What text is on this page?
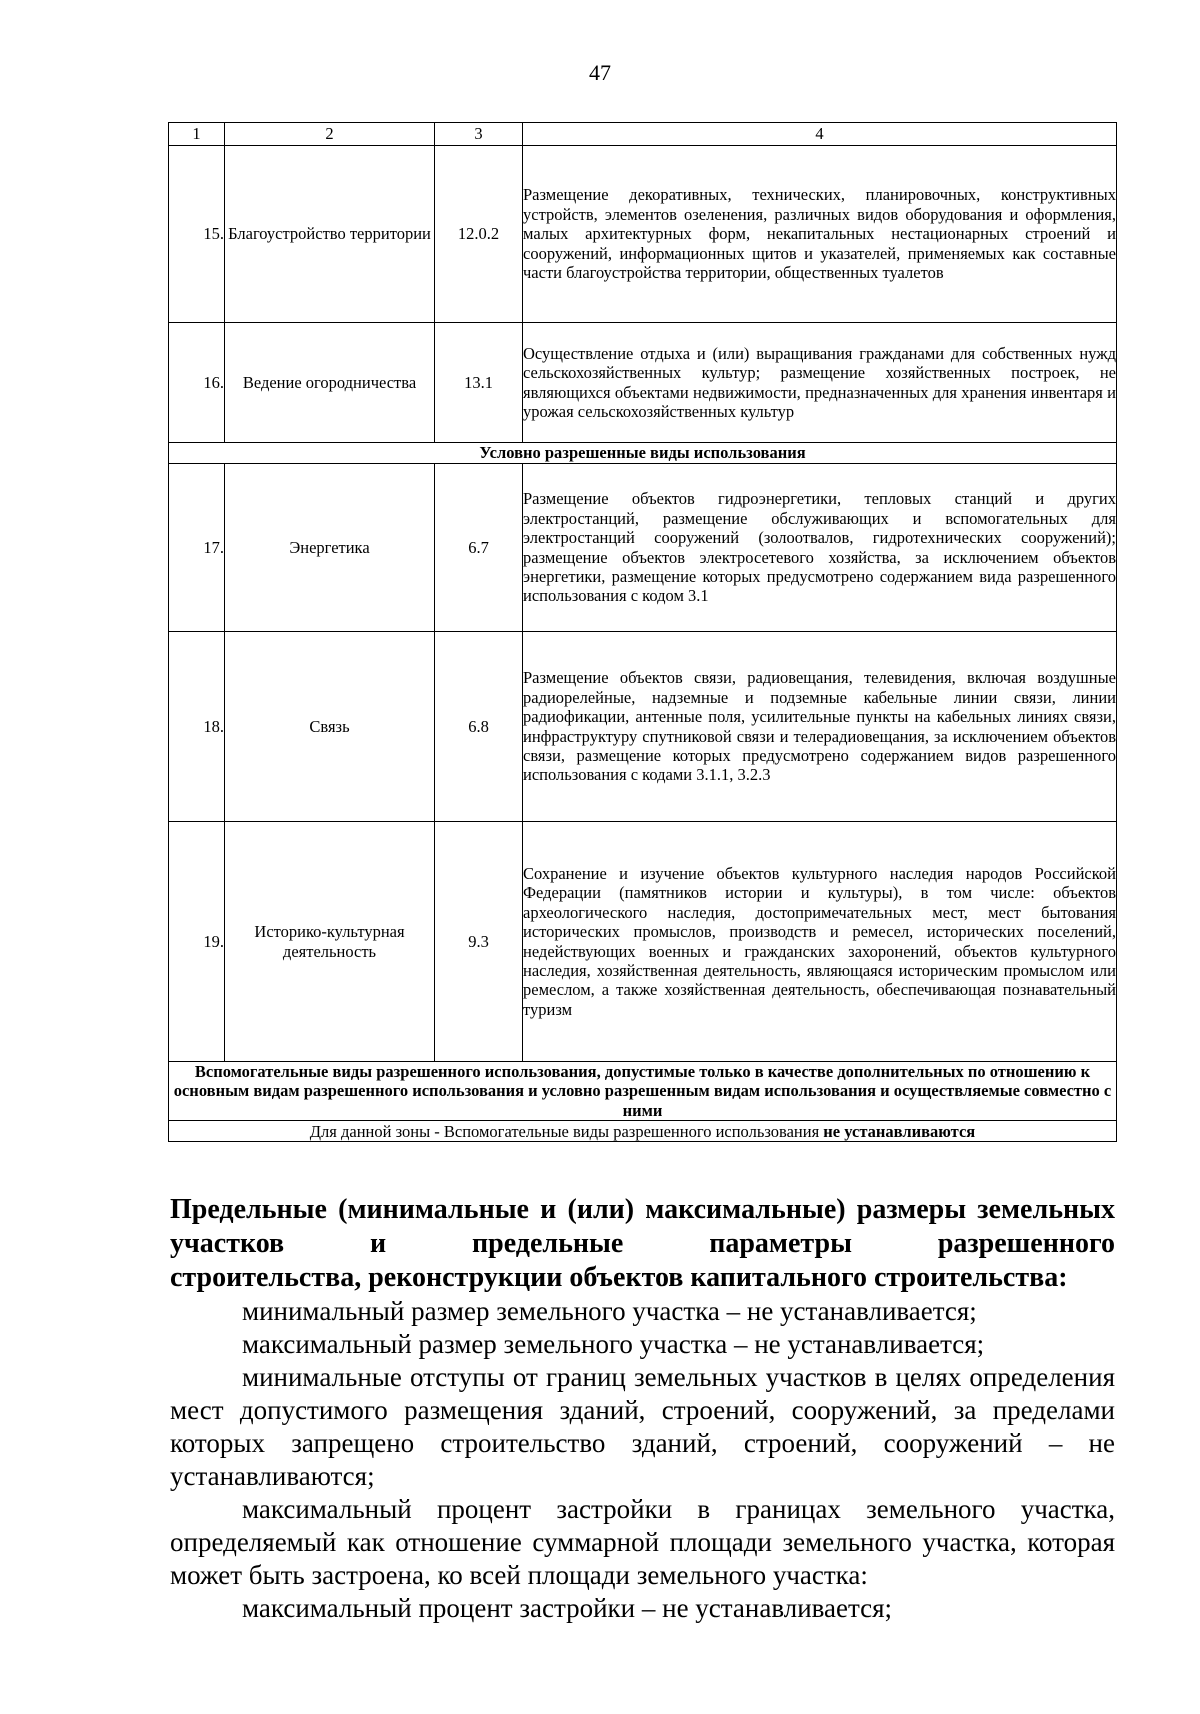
47
1	2	3	4
15.	Благоустройство территории	12.0.2	Размещение декоративных, технических, планировочных, конструктивных устройств, элементов озеленения, различных видов оборудования и оформления, малых архитектурных форм, некапитальных нестационарных строений и сооружений, информационных щитов и указателей, применяемых как составные части благоустройства территории, общественных туалетов
16.	Ведение огородничества	13.1	Осуществление отдыха и (или) выращивания гражданами для собственных нужд сельскохозяйственных культур; размещение хозяйственных построек, не являющихся объектами недвижимости, предназначенных для хранения инвентаря и урожая сельскохозяйственных культур
Условно разрешенные виды использования			
17.	Энергетика	6.7	Размещение объектов гидроэнергетики, тепловых станций и других электростанций, размещение обслуживающих и вспомогательных для электростанций сооружений (золоотвалов, гидротехнических сооружений); размещение объектов электросетевого хозяйства, за исключением объектов энергетики, размещение которых предусмотрено содержанием вида разрешенного использования с кодом 3.1
18.	Связь	6.8	Размещение объектов связи, радиовещания, телевидения, включая воздушные радиорелейные, надземные и подземные кабельные линии связи, линии радиофикации, антенные поля, усилительные пункты на кабельных линиях связи, инфраструктуру спутниковой связи и телерадиовещания, за исключением объектов связи, размещение которых предусмотрено содержанием видов разрешенного использования с кодами 3.1.1, 3.2.3
19.	Историко-культурная деятельность	9.3	Сохранение и изучение объектов культурного наследия народов Российской Федерации (памятников истории и культуры), в том числе: объектов археологического наследия, достопримечательных мест, мест бытования исторических промыслов, производств и ремесел, исторических поселений, недействующих военных и гражданских захоронений, объектов культурного наследия, хозяйственная деятельность, являющаяся историческим промыслом или ремеслом, а также хозяйственная деятельность, обеспечивающая познавательный туризм
Вспомогательные виды разрешенного использования, допустимые только в качестве дополнительных по отношению к основным видам разрешенного использования и условно разрешенным видам использования и осуществляемые совместно с ними			
Для данной зоны - Вспомогательные виды разрешенного использования не устанавливаются			
Предельные (минимальные и (или) максимальные) размеры земельных участков и предельные параметры разрешенного
строительства, реконструкции объектов капитального строительства:

минимальный размер земельного участка – не устанавливается;

максимальный размер земельного участка – не устанавливается;

минимальные отступы от границ земельных участков в целях определения мест допустимого размещения зданий, строений, сооружений, за пределами которых запрещено строительство зданий, строений, сооружений – не устанавливаются;

максимальный процент застройки в границах земельного участка, определяемый как отношение суммарной площади земельного участка, которая может быть застроена, ко всей площади земельного участка:

максимальный процент застройки – не устанавливается;
